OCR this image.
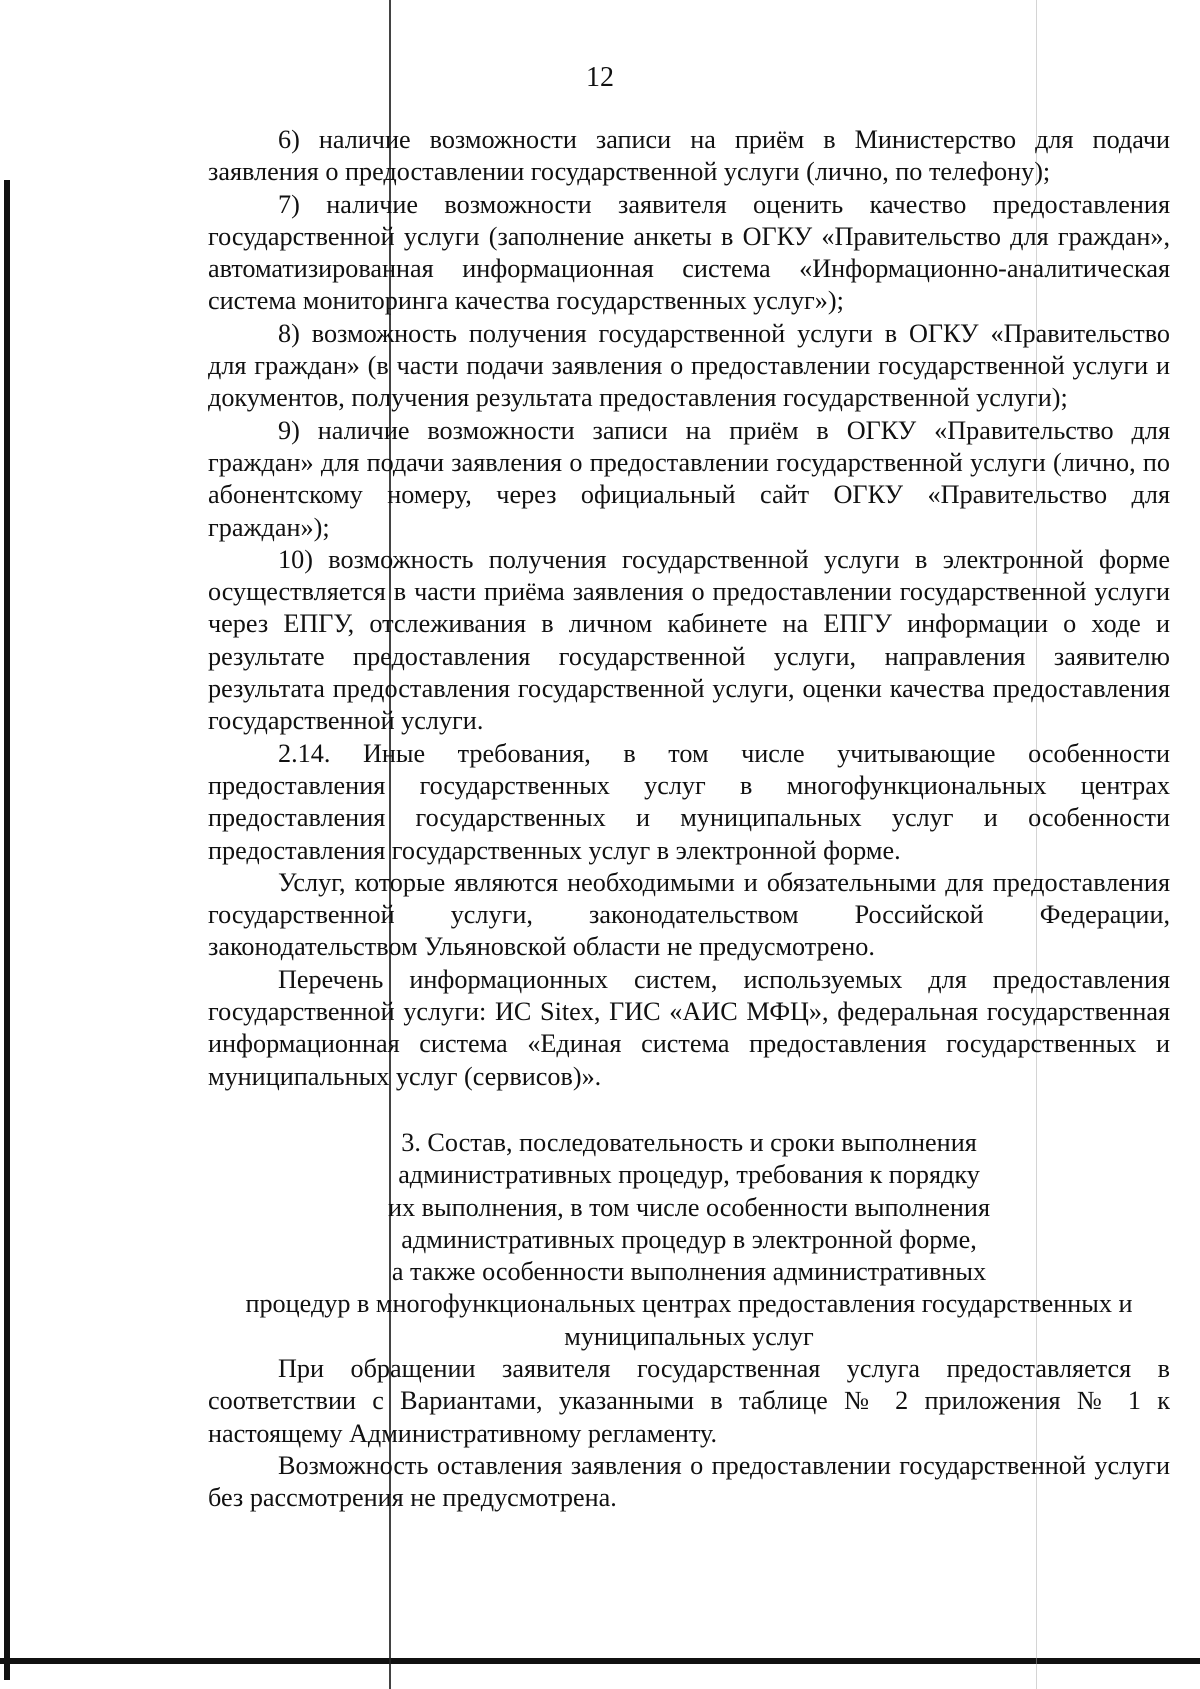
12

6) наличие возможности записи на приём в Министерство для подачи заявления о предоставлении государственной услуги (лично, по телефону);

7) наличие возможности заявителя оценить качество предоставления государственной услуги (заполнение анкеты в ОГКУ «Правительство для граждан», автоматизированная информационная система «Информационно-аналитическая система мониторинга качества государственных услуг»);

8) возможность получения государственной услуги в ОГКУ «Правительство для граждан» (в части подачи заявления о предоставлении государственной услуги и документов, получения результата предоставления государственной услуги);

9) наличие возможности записи на приём в ОГКУ «Правительство для граждан» для подачи заявления о предоставлении государственной услуги (лично, по абонентскому номеру, через официальный сайт ОГКУ «Правительство для граждан»);

10) возможность получения государственной услуги в электронной форме осуществляется в части приёма заявления о предоставлении государственной услуги через ЕПГУ, отслеживания в личном кабинете на ЕПГУ информации о ходе и результате предоставления государственной услуги, направления заявителю результата предоставления государственной услуги, оценки качества предоставления государственной услуги.

2.14. Иные требования, в том числе учитывающие особенности предоставления государственных услуг в многофункциональных центрах предоставления государственных и муниципальных услуг и особенности предоставления государственных услуг в электронной форме.

Услуг, которые являются необходимыми и обязательными для предоставления государственной услуги, законодательством Российской Федерации, законодательством Ульяновской области не предусмотрено.

Перечень информационных систем, используемых для предоставления государственной услуги: ИС Sitex, ГИС «АИС МФЦ», федеральная государственная информационная система «Единая система предоставления государственных и муниципальных услуг (сервисов)».

3. Состав, последовательность и сроки выполнения
административных процедур, требования к порядку
их выполнения, в том числе особенности выполнения
административных процедур в электронной форме,
а также особенности выполнения административных
процедур в многофункциональных центрах предоставления государственных и
муниципальных услуг

При обращении заявителя государственная услуга предоставляется в соответствии с Вариантами, указанными в таблице № 2 приложения № 1 к настоящему Административному регламенту.

Возможность оставления заявления о предоставлении государственной услуги без рассмотрения не предусмотрена.
